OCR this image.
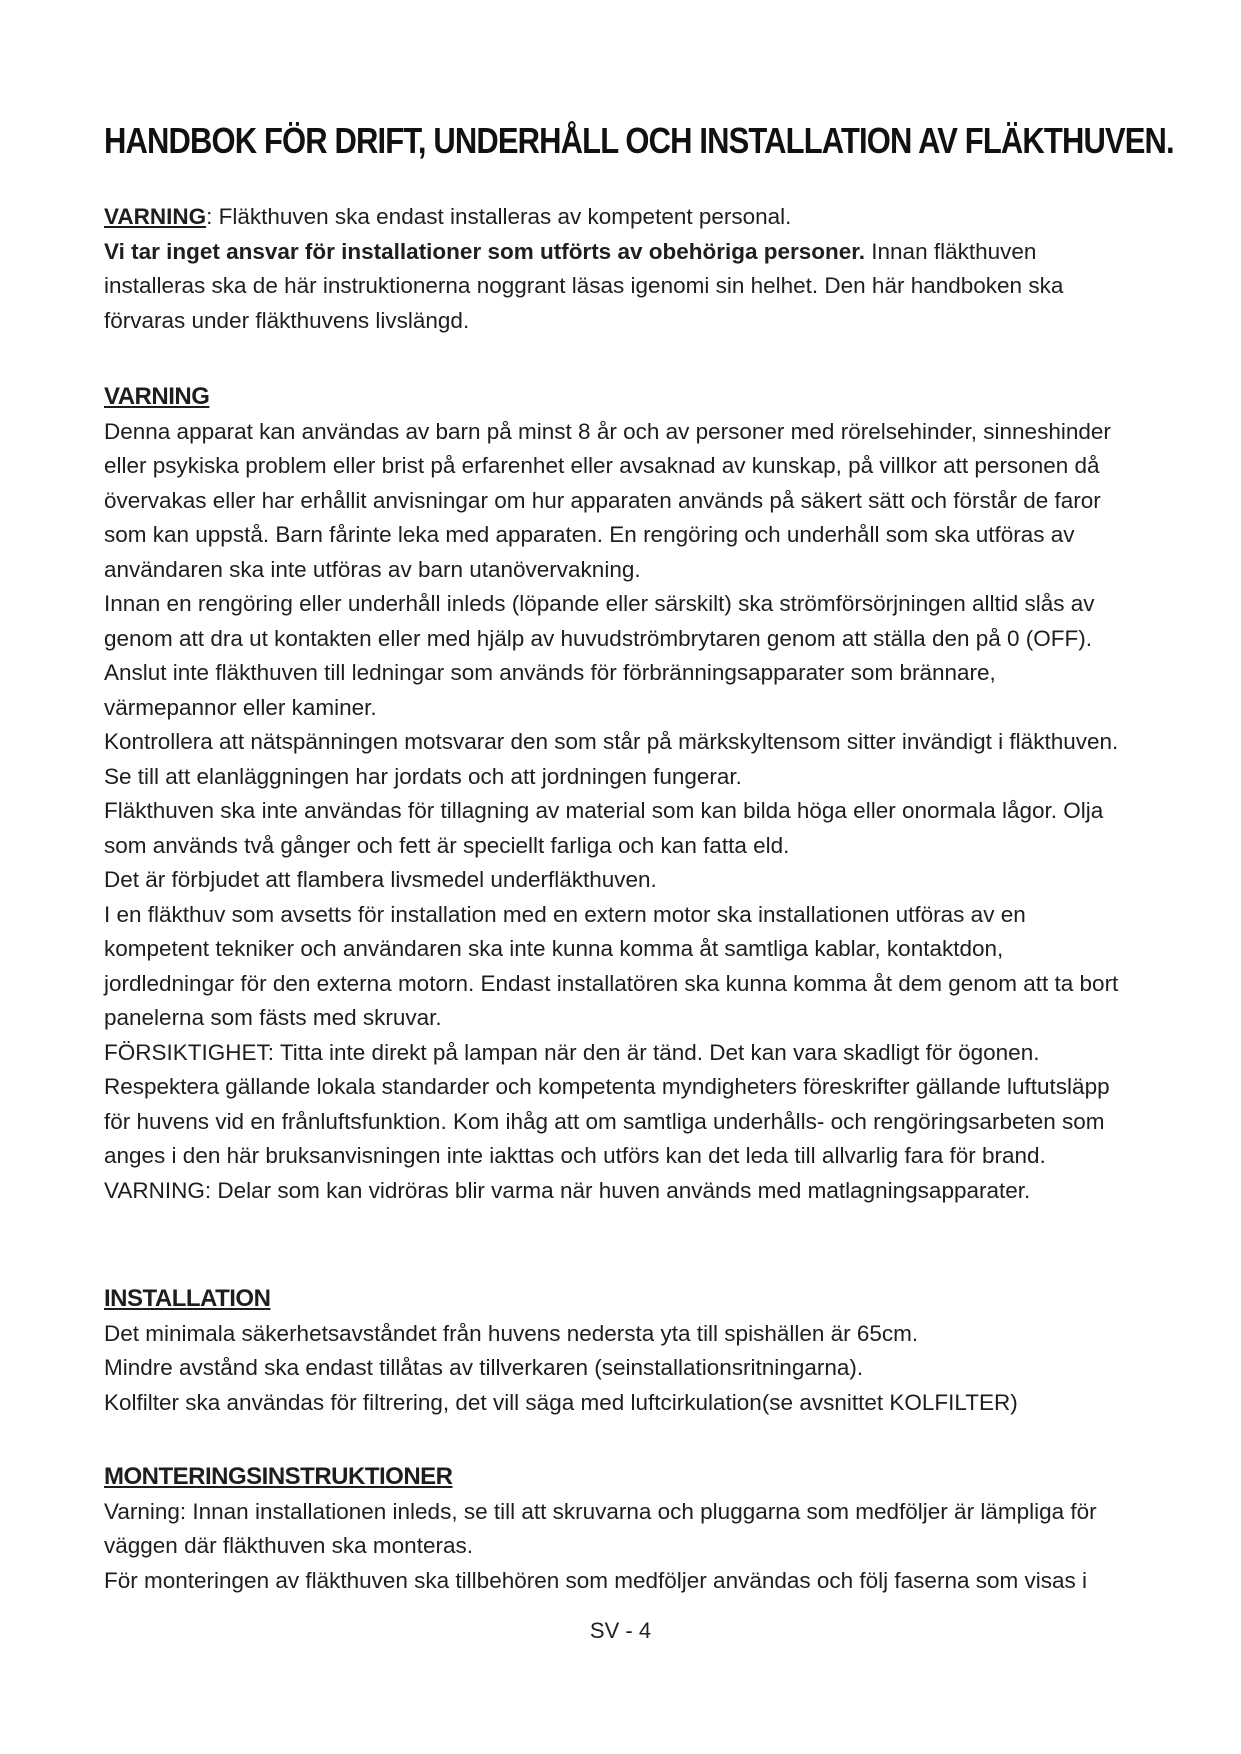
HANDBOK FÖR DRIFT, UNDERHÅLL OCH INSTALLATION AV FLÄKTHUVEN.

VARNING: Fläkthuven ska endast installeras av kompetent personal.
Vi tar inget ansvar för installationer som utförts av obehöriga personer. Innan fläkthuven installeras ska de här instruktionerna noggrant läsas igenomi sin helhet. Den här handboken ska förvaras under fläkthuvens livslängd.

VARNING

Denna apparat kan användas av barn på minst 8 år och av personer med rörelsehinder, sinneshinder eller psykiska problem eller brist på erfarenhet eller avsaknad av kunskap, på villkor att personen då övervakas eller har erhållit anvisningar om hur apparaten används på säkert sätt och förstår de faror som kan uppstå. Barn fårinte leka med apparaten. En rengöring och underhåll som ska utföras av användaren ska inte utföras av barn utanövervakning.

Innan en rengöring eller underhåll inleds (löpande eller särskilt) ska strömförsörjningen alltid slås av genom att dra ut kontakten eller med hjälp av huvudströmbrytaren genom att ställa den på 0 (OFF).

Anslut inte fläkthuven till ledningar som används för förbränningsapparater som brännare, värmepannor eller kaminer.

Kontrollera att nätspänningen motsvarar den som står på märkskyltensom sitter invändigt i fläkthuven. Se till att elanläggningen har jordats och att jordningen fungerar.

Fläkthuven ska inte användas för tillagning av material som kan bilda höga eller onormala lågor. Olja som används två gånger och fett är speciellt farliga och kan fatta eld.

Det är förbjudet att flambera livsmedel underfläkthuven.

I en fläkthuv som avsetts för installation med en extern motor ska installationen utföras av en kompetent tekniker och användaren ska inte kunna komma åt samtliga kablar, kontaktdon, jordledningar för den externa motorn. Endast installatören ska kunna komma åt dem genom att ta bort panelerna som fästs med skruvar.

FÖRSIKTIGHET: Titta inte direkt på lampan när den är tänd. Det kan vara skadligt för ögonen.

Respektera gällande lokala standarder och kompetenta myndigheters föreskrifter gällande luftutsläpp för huvens vid en frånluftsfunktion. Kom ihåg att om samtliga underhålls- och rengöringsarbeten som anges i den här bruksanvisningen inte iakttas och utförs kan det leda till allvarlig fara för brand.

VARNING: Delar som kan vidröras blir varma när huven används med matlagningsapparater.

INSTALLATION

Det minimala säkerhetsavståndet från huvens nedersta yta till spishällen är 65cm.

Mindre avstånd ska endast tillåtas av tillverkaren (seinstallationsritningarna).

Kolfilter ska användas för filtrering, det vill säga med luftcirkulation(se avsnittet KOLFILTER)

MONTERINGSINSTRUKTIONER

Varning: Innan installationen inleds, se till att skruvarna och pluggarna som medföljer är lämpliga för väggen där fläkthuven ska monteras.

För monteringen av fläkthuven ska tillbehören som medföljer användas och följ faserna som visas i

SV - 4
